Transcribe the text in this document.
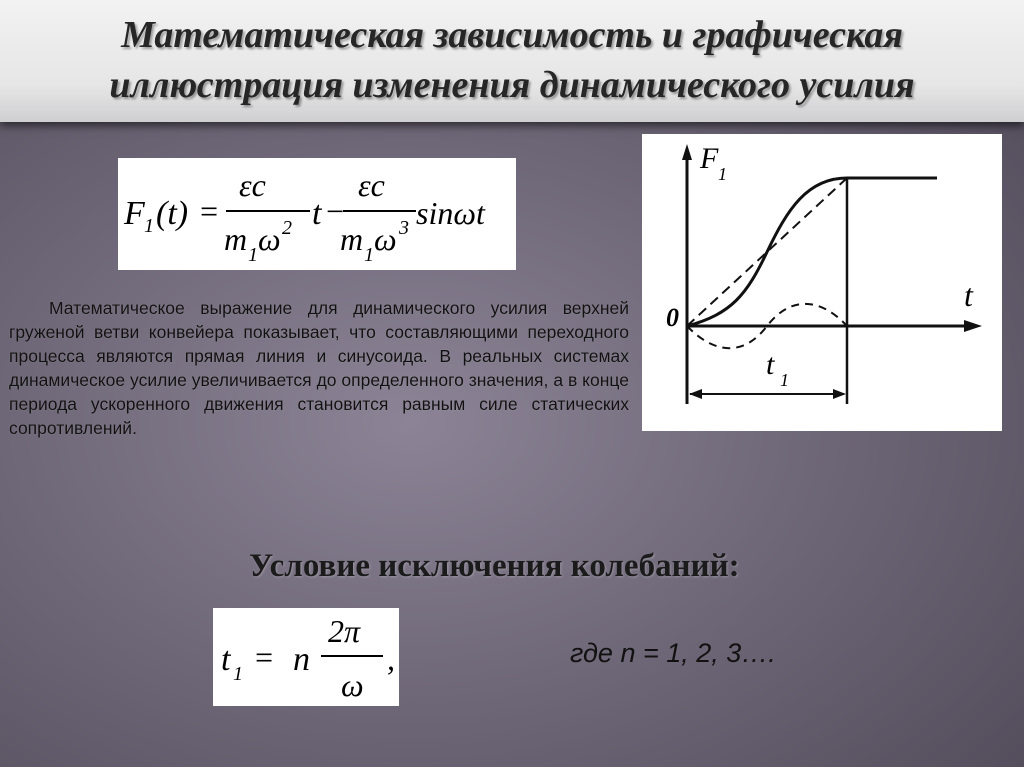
Математическая зависимость и графическая иллюстрация изменения динамического усилия
F 1 (t) =
εc
m 1 ω 2 t −
εc
m 1 ω 3 sinωt
Математическое выражение для динамического усилия верхней груженой ветви конвейера показывает, что составляющими переходного процесса являются прямая линия и синусоида. В реальных системах динамическое усилие увеличивается до определенного значения, а в конце периода ускоренного движения становится равным силе статических сопротивлений.
F 1
t
0
t 1
Условие исключения колебаний:
t 1 = n
2π
ω
,	где n = 1, 2, 3….
